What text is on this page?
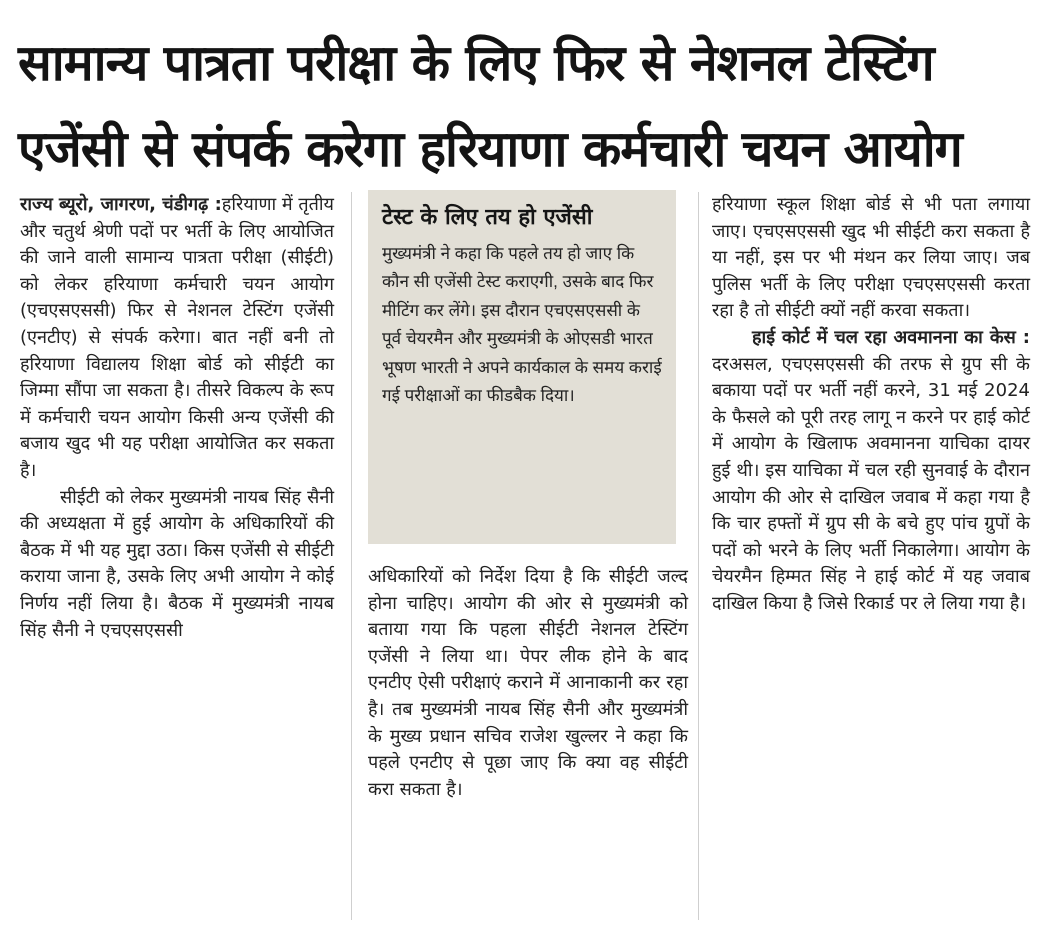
सामान्य पात्रता परीक्षा के लिए फिर से नेशनल टेस्टिंग एजेंसी से संपर्क करेगा हरियाणा कर्मचारी चयन आयोग

राज्य ब्यूरो, जागरण, चंडीगढ़ :हरियाणा में तृतीय और चतुर्थ श्रेणी पदों पर भर्ती के लिए आयोजित की जाने वाली सामान्य पात्रता परीक्षा (सीईटी) को लेकर हरियाणा कर्मचारी चयन आयोग (एचएसएससी) फिर से नेशनल टेस्टिंग एजेंसी (एनटीए) से संपर्क करेगा। बात नहीं बनी तो हरियाणा विद्यालय शिक्षा बोर्ड को सीईटी का जिम्मा सौंपा जा सकता है। तीसरे विकल्प के रूप में कर्मचारी चयन आयोग किसी अन्य एजेंसी की बजाय खुद भी यह परीक्षा आयोजित कर सकता है।

सीईटी को लेकर मुख्यमंत्री नायब सिंह सैनी की अध्यक्षता में हुई आयोग के अधिकारियों की बैठक में भी यह मुद्दा उठा। किस एजेंसी से सीईटी कराया जाना है, उसके लिए अभी आयोग ने कोई निर्णय नहीं लिया है। बैठक में मुख्यमंत्री नायब सिंह सैनी ने एचएसएससी

टेस्ट के लिए तय हो एजेंसी

मुख्यमंत्री ने कहा कि पहले तय हो जाए कि कौन सी एजेंसी टेस्ट कराएगी, उसके बाद फिर मीटिंग कर लेंगे। इस दौरान एचएसएससी के पूर्व चेयरमैन और मुख्यमंत्री के ओएसडी भारत भूषण भारती ने अपने कार्यकाल के समय कराई गई परीक्षाओं का फीडबैक दिया।

अधिकारियों को निर्देश दिया है कि सीईटी जल्द होना चाहिए। आयोग की ओर से मुख्यमंत्री को बताया गया कि पहला सीईटी नेशनल टेस्टिंग एजेंसी ने लिया था। पेपर लीक होने के बाद एनटीए ऐसी परीक्षाएं कराने में आनाकानी कर रहा है। तब मुख्यमंत्री नायब सिंह सैनी और मुख्यमंत्री के मुख्य प्रधान सचिव राजेश खुल्लर ने कहा कि पहले एनटीए से पूछा जाए कि क्या वह सीईटी करा सकता है।

हरियाणा स्कूल शिक्षा बोर्ड से भी पता लगाया जाए। एचएसएससी खुद भी सीईटी करा सकता है या नहीं, इस पर भी मंथन कर लिया जाए। जब पुलिस भर्ती के लिए परीक्षा एचएसएससी करता रहा है तो सीईटी क्यों नहीं करवा सकता।

हाई कोर्ट में चल रहा अवमानना का केस : दरअसल, एचएसएससी की तरफ से ग्रुप सी के बकाया पदों पर भर्ती नहीं करने, 31 मई 2024 के फैसले को पूरी तरह लागू न करने पर हाई कोर्ट में आयोग के खिलाफ अवमानना याचिका दायर हुई थी। इस याचिका में चल रही सुनवाई के दौरान आयोग की ओर से दाखिल जवाब में कहा गया है कि चार हफ्तों में ग्रुप सी के बचे हुए पांच ग्रुपों के पदों को भरने के लिए भर्ती निकालेगा। आयोग के चेयरमैन हिम्मत सिंह ने हाई कोर्ट में यह जवाब दाखिल किया है जिसे रिकार्ड पर ले लिया गया है।
